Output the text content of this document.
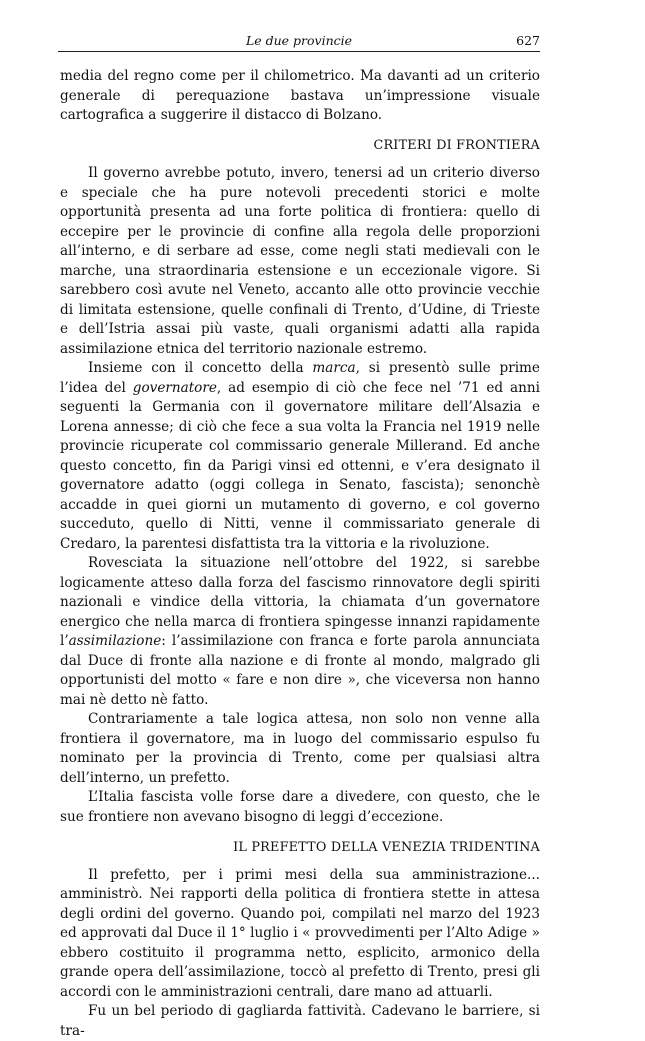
Le due provincie	627

media del regno come per il chilometrico. Ma davanti ad un criterio generale di perequazione bastava un’impressione visuale cartografica a suggerire il distacco di Bolzano.

CRITERI DI FRONTIERA

Il governo avrebbe potuto, invero, tenersi ad un criterio diverso e speciale che ha pure notevoli precedenti storici e molte opportunità presenta ad una forte politica di frontiera: quello di eccepire per le provincie di confine alla regola delle proporzioni all’interno, e di serbare ad esse, come negli stati medievali con le marche, una straordinaria estensione e un eccezionale vigore. Si sarebbero così avute nel Veneto, accanto alle otto provincie vecchie di limitata estensione, quelle confinali di Trento, d’Udine, di Trieste e dell’Istria assai più vaste, quali organismi adatti alla rapida assimilazione etnica del territorio nazionale estremo.

Insieme con il concetto della marca, si presentò sulle prime l’idea del governatore, ad esempio di ciò che fece nel ’71 ed anni seguenti la Germania con il governatore militare dell’Alsazia e Lorena annesse; di ciò che fece a sua volta la Francia nel 1919 nelle provincie ricuperate col commissario generale Millerand. Ed anche questo concetto, fin da Parigi vinsi ed ottenni, e v’era designato il governatore adatto (oggi collega in Senato, fascista); senonchè accadde in quei giorni un mutamento di governo, e col governo succeduto, quello di Nitti, venne il commissariato generale di Credaro, la parentesi disfattista tra la vittoria e la rivoluzione.

Rovesciata la situazione nell’ottobre del 1922, si sarebbe logicamente atteso dalla forza del fascismo rinnovatore degli spiriti nazionali e vindice della vittoria, la chiamata d’un governatore energico che nella marca di frontiera spingesse innanzi rapidamente l’assimilazione: l’assimilazione con franca e forte parola annunciata dal Duce di fronte alla nazione e di fronte al mondo, malgrado gli opportunisti del motto « fare e non dire », che viceversa non hanno mai nè detto nè fatto.

Contrariamente a tale logica attesa, non solo non venne alla frontiera il governatore, ma in luogo del commissario espulso fu nominato per la provincia di Trento, come per qualsiasi altra dell’interno, un prefetto.

L’Italia fascista volle forse dare a divedere, con questo, che le sue frontiere non avevano bisogno di leggi d’eccezione.

IL PREFETTO DELLA VENEZIA TRIDENTINA

Il prefetto, per i primi mesi della sua amministrazione... amministrò. Nei rapporti della politica di frontiera stette in attesa degli ordini del governo. Quando poi, compilati nel marzo del 1923 ed approvati dal Duce il 1° luglio i « provvedimenti per l’Alto Adige » ebbero costituito il programma netto, esplicito, armonico della grande opera dell’assimilazione, toccò al prefetto di Trento, presi gli accordi con le amministrazioni centrali, dare mano ad attuarli.

Fu un bel periodo di gagliarda fattività. Cadevano le barriere, si tra-
